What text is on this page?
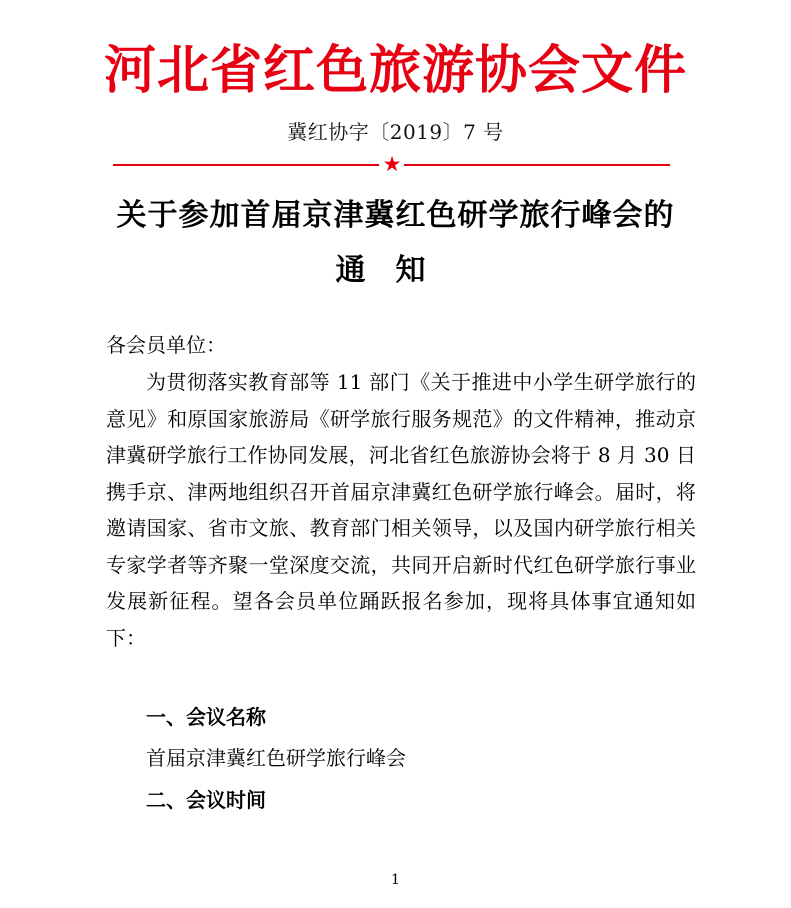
河北省红色旅游协会文件
冀红协字〔2019〕7 号
★
关于参加首届京津冀红色研学旅行峰会的
通知
各会员单位：

为贯彻落实教育部等 11 部门《关于推进中小学生研学旅行的意见》和原国家旅游局《研学旅行服务规范》的文件精神，推动京津冀研学旅行工作协同发展，河北省红色旅游协会将于 8 月 30 日携手京、津两地组织召开首届京津冀红色研学旅行峰会。届时，将邀请国家、省市文旅、教育部门相关领导，以及国内研学旅行相关专家学者等齐聚一堂深度交流，共同开启新时代红色研学旅行事业发展新征程。望各会员单位踊跃报名参加，现将具体事宜通知如下：

一、会议名称
首届京津冀红色研学旅行峰会
二、会议时间
1
